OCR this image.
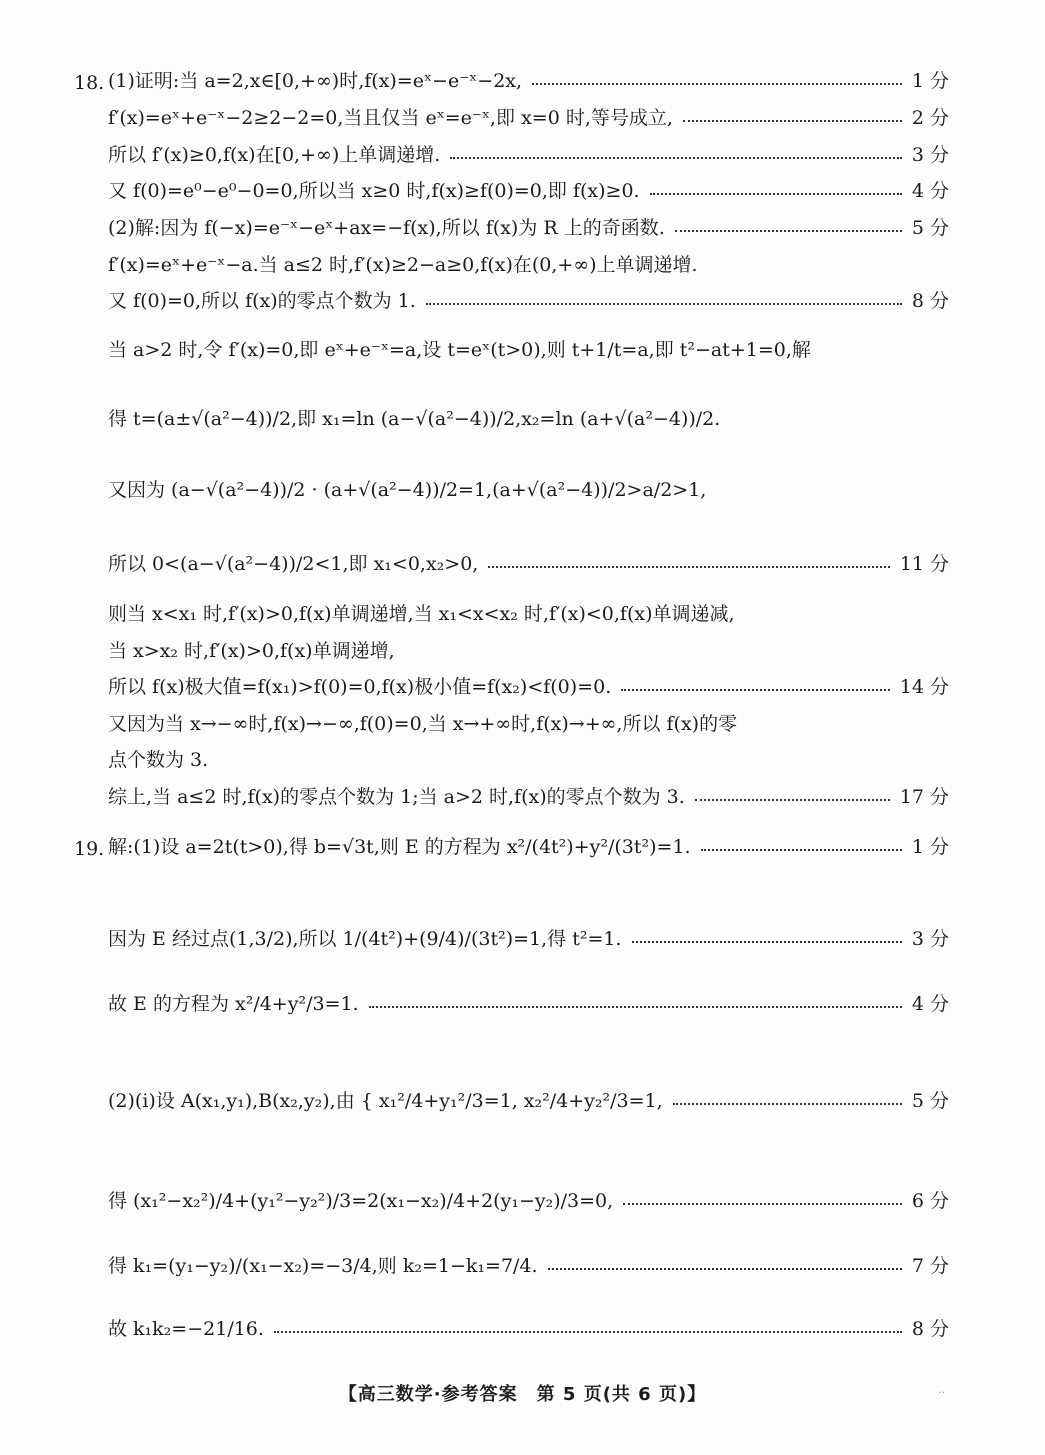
18. (1)证明:当 a=2,x∈[0,+∞)时,f(x)=eˣ−e⁻ˣ−2x,	1 分
f′(x)=eˣ+e⁻ˣ−2≥2−2=0,当且仅当 eˣ=e⁻ˣ,即 x=0 时,等号成立,	2 分
所以 f′(x)≥0,f(x)在[0,+∞)上单调递增.	3 分
又 f(0)=e⁰−e⁰−0=0,所以当 x≥0 时,f(x)≥f(0)=0,即 f(x)≥0.	4 分
(2)解:因为 f(−x)=e⁻ˣ−eˣ+ax=−f(x),所以 f(x)为 R 上的奇函数.	5 分
f′(x)=eˣ+e⁻ˣ−a.当 a≤2 时,f′(x)≥2−a≥0,f(x)在(0,+∞)上单调递增.
又 f(0)=0,所以 f(x)的零点个数为 1.	8 分
当 a>2 时,令 f′(x)=0,即 eˣ+e⁻ˣ=a,设 t=eˣ(t>0),则 t+1/t=a,即 t²−at+1=0,解
得 t=(a±√(a²−4))/2,即 x₁=ln (a−√(a²−4))/2,x₂=ln (a+√(a²−4))/2.
又因为 (a−√(a²−4))/2 · (a+√(a²−4))/2=1,(a+√(a²−4))/2>a/2>1,
所以 0<(a−√(a²−4))/2<1,即 x₁<0,x₂>0,	11 分
则当 x<x₁ 时,f′(x)>0,f(x)单调递增,当 x₁<x<x₂ 时,f′(x)<0,f(x)单调递减,
当 x>x₂ 时,f′(x)>0,f(x)单调递增,
所以 f(x)极大值=f(x₁)>f(0)=0,f(x)极小值=f(x₂)<f(0)=0.	14 分
又因为当 x→−∞时,f(x)→−∞,f(0)=0,当 x→+∞时,f(x)→+∞,所以 f(x)的零
点个数为 3.
综上,当 a≤2 时,f(x)的零点个数为 1;当 a>2 时,f(x)的零点个数为 3.	17 分
19. 解:(1)设 a=2t(t>0),得 b=√3t,则 E 的方程为 x²/(4t²)+y²/(3t²)=1.	1 分
因为 E 经过点(1,3/2),所以 1/(4t²)+(9/4)/(3t²)=1,得 t²=1.	3 分
故 E 的方程为 x²/4+y²/3=1.	4 分
(2)(ⅰ)设 A(x₁,y₁),B(x₂,y₂),由 { x₁²/4+y₁²/3=1, x₂²/4+y₂²/3=1,	5 分
得 (x₁²−x₂²)/4+(y₁²−y₂²)/3=2(x₁−x₂)/4+2(y₁−y₂)/3=0,	6 分
得 k₁=(y₁−y₂)/(x₁−x₂)=−3/4,则 k₂=1−k₁=7/4.	7 分
故 k₁k₂=−21/16.	8 分
【高三数学·参考答案　第 5 页(共 6 页)】	··
